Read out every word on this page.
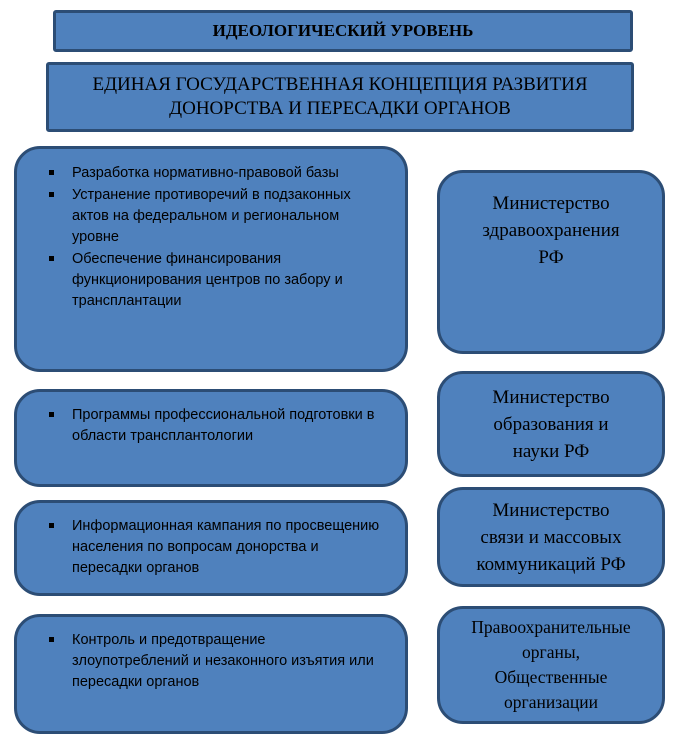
ИДЕОЛОГИЧЕСКИЙ УРОВЕНЬ
ЕДИНАЯ ГОСУДАРСТВЕННАЯ КОНЦЕПЦИЯ РАЗВИТИЯ
ДОНОРСТВА И ПЕРЕСАДКИ ОРГАНОВ
Разработка нормативно-правовой базы
Устранение противоречий в подзаконных актов на федеральном и региональном уровне
Обеспечение финансирования функционирования центров по забору и трансплантации
Программы профессиональной подготовки в области трансплантологии
Информационная кампания по просвещению населения по вопросам донорства и пересадки органов
Контроль и предотвращение злоупотреблений и незаконного изъятия или пересадки органов
Министерство
здравоохранения
РФ
Министерство
образования и
науки РФ
Министерство
связи и массовых
коммуникаций РФ
Правоохранительные
органы,
Общественные
организации
